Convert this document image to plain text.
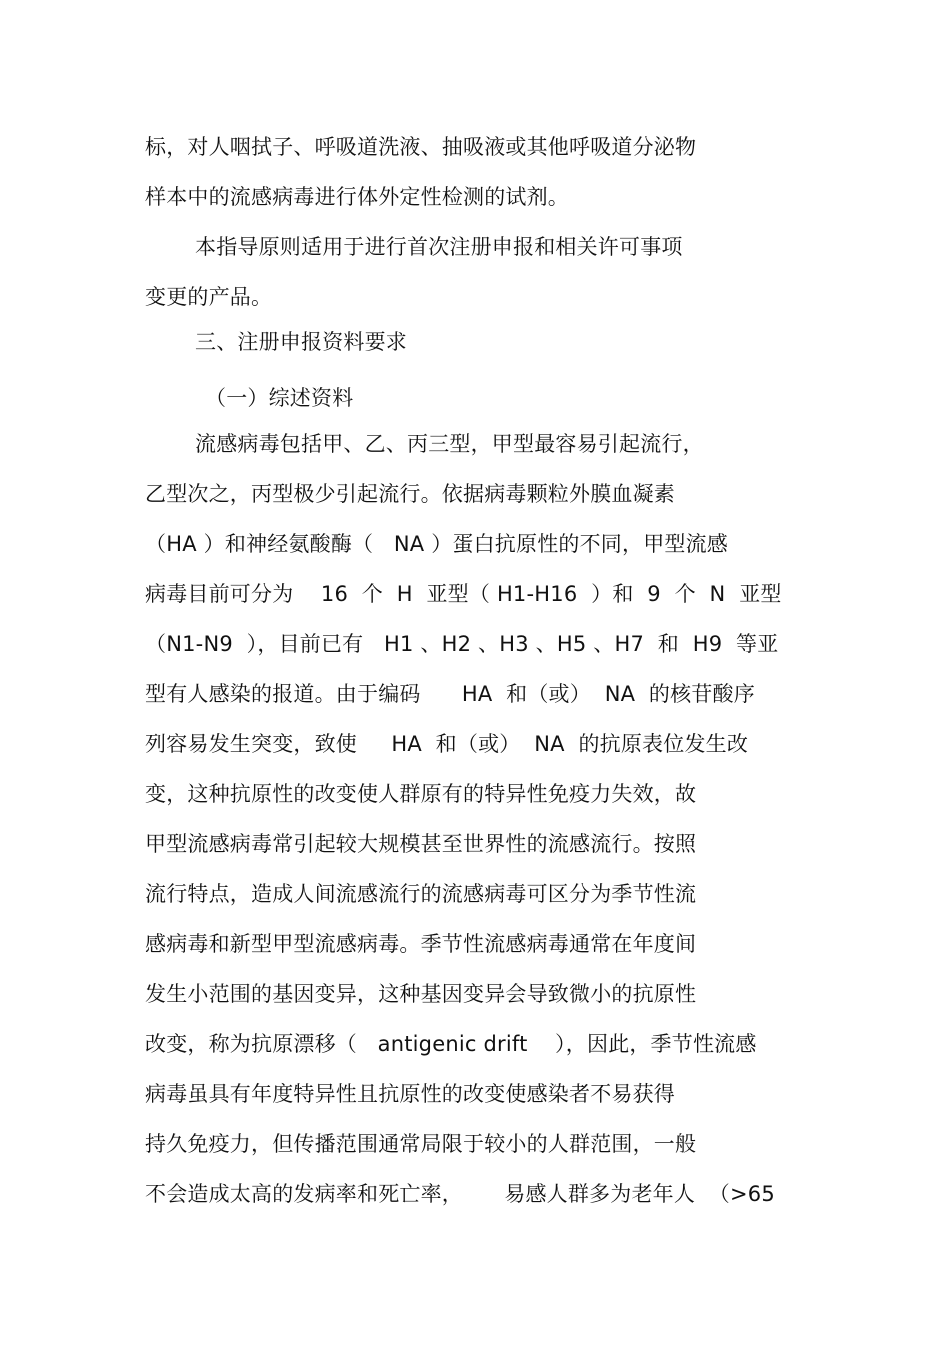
标，对人咽拭子、呼吸道洗液、抽吸液或其他呼吸道分泌物
样本中的流感病毒进行体外定性检测的试剂。
本指导原则适用于进行首次注册申报和相关许可事项
变更的产品。
三、注册申报资料要求
（一）综述资料
流感病毒包括甲、乙、丙三型，甲型最容易引起流行，
乙型次之，丙型极少引起流行。依据病毒颗粒外膜血凝素
（HA ）和神经氨酸酶（   NA ）蛋白抗原性的不同，甲型流感
病毒目前可分为    16  个  H  亚型（ H1-H16  ）和  9  个  N  亚型
（N1-N9  ），目前已有   H1 、H2 、H3 、H5 、H7  和  H9  等亚
型有人感染的报道。由于编码      HA  和（或）  NA  的核苷酸序
列容易发生突变，致使     HA  和（或）  NA  的抗原表位发生改
变，这种抗原性的改变使人群原有的特异性免疫力失效，故
甲型流感病毒常引起较大规模甚至世界性的流感流行。按照
流行特点，造成人间流感流行的流感病毒可区分为季节性流
感病毒和新型甲型流感病毒。季节性流感病毒通常在年度间
发生小范围的基因变异，这种基因变异会导致微小的抗原性
改变，称为抗原漂移（   antigenic drift    ），因此，季节性流感
病毒虽具有年度特异性且抗原性的改变使感染者不易获得
持久免疫力，但传播范围通常局限于较小的人群范围，一般
不会造成太高的发病率和死亡率，      易感人群多为老年人  （>65
